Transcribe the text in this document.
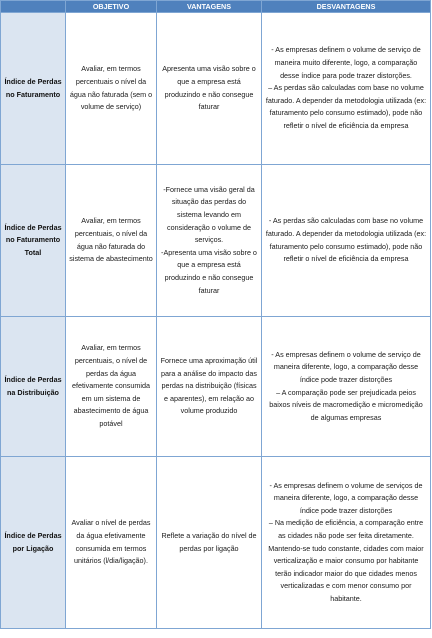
	OBJETIVO	VANTAGENS	DESVANTAGENS
Índice de Perdas no Faturamento	Avaliar, em termos percentuais o nível da água não faturada (sem o volume de serviço)	Apresenta uma visão sobre o que a empresa está produzindo e não consegue faturar	- As empresas definem o volume de serviço de maneira muito diferente, logo, a comparação desse índice para pode trazer distorções.
– As perdas são calculadas com base no volume faturado. A depender da metodologia utilizada (ex: faturamento pelo consumo estimado), pode não refletir o nível de eficiência da empresa

Índice de Perdas no Faturamento Total	Avaliar, em termos percentuais, o nível da água não faturada do sistema de abastecimento	-Fornece uma visão geral da situação das perdas do sistema levando em consideração o volume de serviços.
-Apresenta uma visão sobre o que a empresa está produzindo e não consegue faturar	- As perdas são calculadas com base no volume faturado. A depender da metodologia utilizada (ex: faturamento pelo consumo estimado), pode não refletir o nível de eficiência da empresa

Índice de Perdas na Distribuição	Avaliar, em termos percentuais, o nível de perdas da água efetivamente consumida em um sistema de abastecimento de água potável	Fornece uma aproximação útil para a análise do impacto das perdas na distribuição (físicas e aparentes), em relação ao volume produzido	- As empresas definem o volume de serviço de maneira diferente, logo, a comparação desse índice pode trazer distorções
– A comparação pode ser prejudicada peios baixos níveis de macromedição e micromedição de algumas empresas

Índice de Perdas por Ligação	Avaliar o nível de perdas da água efetivamente consumida em termos unitários (l/dia/ligação).	Reflete a variação do nível de perdas por ligação	- As empresas definem o volume de serviços de maneira diferente, logo, a comparação desse índice pode trazer distorções
– Na medição de eficiência, a comparação entre as cidades não pode ser feita diretamente. Mantendo-se tudo constante, cidades com maior verticalização e maior consumo por habitante terão indicador maior do que cidades menos verticalizadas e com menor consumo por habitante.
